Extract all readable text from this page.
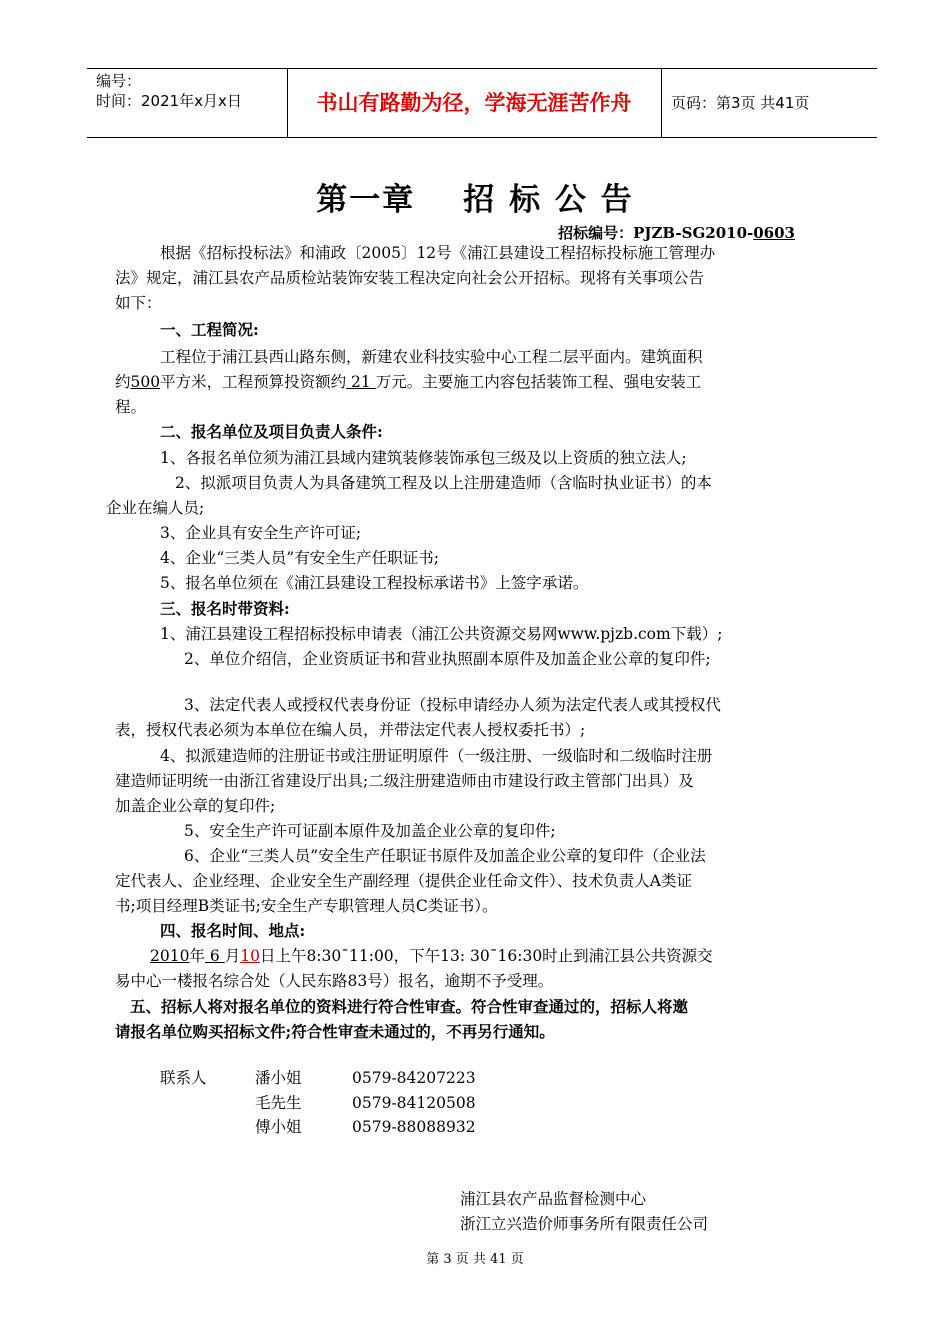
编号：
时间：2021年x月x日	书山有路勤为径，学海无涯苦作舟	页码：第3页 共41页
第一章 招 标 公 告
招标编号：PJZB-SG2010-0603
根据《招标投标法》和浦政〔2005〕12号《浦江县建设工程招标投标施工管理办
法》规定，浦江县农产品质检站装饰安装工程决定向社会公开招标。现将有关事项公告
如下：
一、工程简况:
工程位于浦江县西山路东侧，新建农业科技实验中心工程二层平面内。建筑面积
约500平方米，工程预算投资额约 21 万元。主要施工内容包括装饰工程、强电安装工
程。
二、报名单位及项目负责人条件:
1、各报名单位须为浦江县域内建筑装修装饰承包三级及以上资质的独立法人;
2、拟派项目负责人为具备建筑工程及以上注册建造师（含临时执业证书）的本
企业在编人员;
3、企业具有安全生产许可证;
4、企业“三类人员”有安全生产任职证书;
5、报名单位须在《浦江县建设工程投标承诺书》上签字承诺。
三、报名时带资料:
1、浦江县建设工程招标投标申请表（浦江公共资源交易网www.pjzb.com下载）;
2、单位介绍信，企业资质证书和营业执照副本原件及加盖企业公章的复印件;
3、法定代表人或授权代表身份证（投标申请经办人须为法定代表人或其授权代
表，授权代表必须为本单位在编人员，并带法定代表人授权委托书）;
4、拟派建造师的注册证书或注册证明原件（一级注册、一级临时和二级临时注册
建造师证明统一由浙江省建设厅出具;二级注册建造师由市建设行政主管部门出具）及
加盖企业公章的复印件;
5、安全生产许可证副本原件及加盖企业公章的复印件;
6、企业“三类人员”安全生产任职证书原件及加盖企业公章的复印件（企业法
定代表人、企业经理、企业安全生产副经理（提供企业任命文件）、技术负责人A类证
书;项目经理B类证书;安全生产专职管理人员C类证书）。
四、报名时间、地点:
2010年 6 月10日上午8:30¯11:00，下午13: 30¯16:30时止到浦江县公共资源交
易中心一楼报名综合处（人民东路83号）报名，逾期不予受理。
五、招标人将对报名单位的资料进行符合性审查。符合性审查通过的，招标人将邀
请报名单位购买招标文件;符合性审查未通过的，不再另行通知。
联系人	潘小姐	0579-84207223
毛先生	0579-84120508
傅小姐	0579-88088932
浦江县农产品监督检测中心
浙江立兴造价师事务所有限责任公司
第 3 页 共 41 页
